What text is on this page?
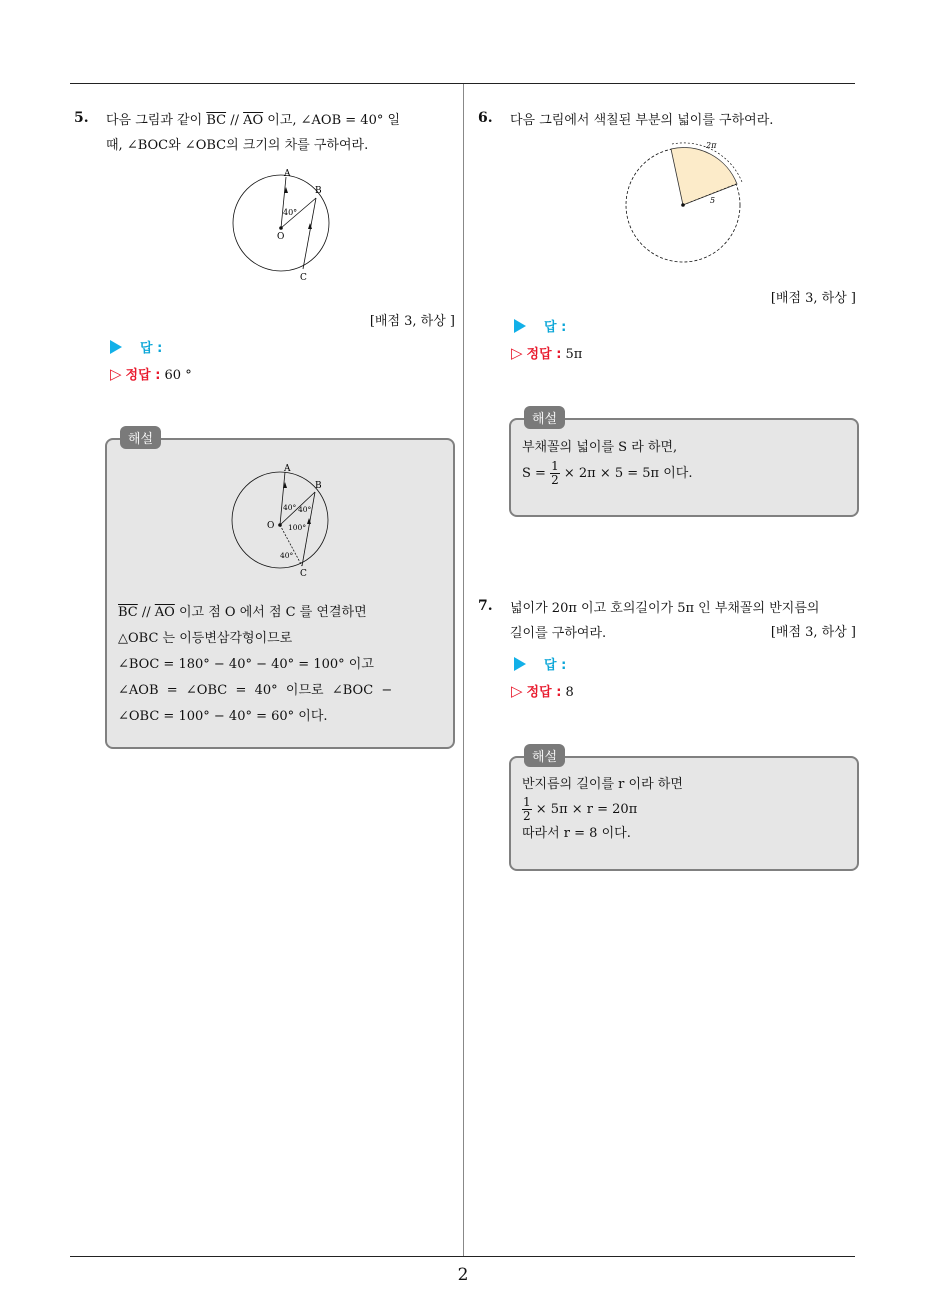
2
5. 다음 그림과 같이 $\overline{BC} // \overline{AO}$ 이고, ∠AOB = 40° 일
때, ∠BOC와 ∠OBC의 크기의 차를 구하여라.
A
B
C
O
40°
[배점 3, 하상 ]
답 :
▷ 정답 : 60 °
해설
A
B
C
O
40° 40°
100°
40°
$\overline{BC} // \overline{AO}$ 이고 점 O 에서 점 C 를 연결하면
△OBC 는 이등변삼각형이므로
∠BOC = 180° − 40° − 40° = 100° 이고
∠AOB  =  ∠OBC  =  40°  이므로  ∠BOC  −
∠OBC = 100° − 40° = 60° 이다.
6. 다음 그림에서 색칠된 부분의 넓이를 구하여라.
2π
5
[배점 3, 하상 ]
답 :
▷ 정답 : 5π
해설
부채꼴의 넓이를 S 라 하면,
$S = \frac{1}{2} \times 2\pi \times 5 = 5\pi$ 이다.
7. 넓이가 20π 이고 호의길이가 5π 인 부채꼴의 반지름의
길이를 구하여라.	[배점 3, 하상 ]
답 :
▷ 정답 : 8
해설
반지름의 길이를 r 이라 하면
$\frac{1}{2} \times 5\pi \times r = 20\pi$
따라서 r = 8 이다.
